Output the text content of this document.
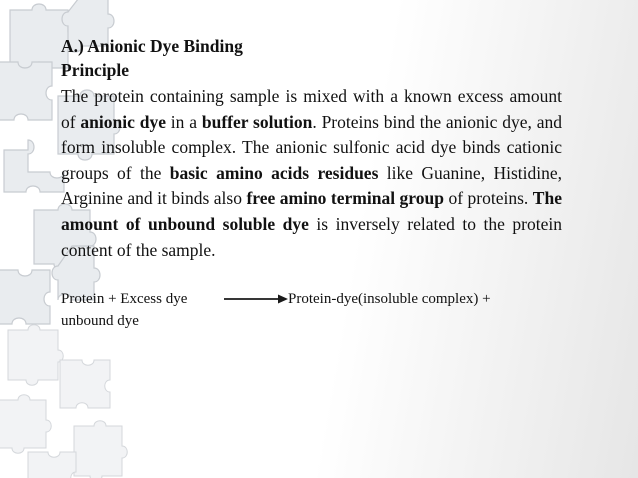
A.) Anionic Dye Binding

Principle

The protein containing sample is mixed with a known excess amount of anionic dye in a buffer solution. Proteins bind the anionic dye, and form insoluble complex. The anionic sulfonic acid dye binds cationic groups of the basic amino acids residues like Guanine, Histidine, Arginine and it binds also free amino terminal group of proteins. The amount of unbound soluble dye is inversely related to the protein content of the sample.

Protein + Excess dye	Protein-dye(insoluble complex) +
unbound dye
